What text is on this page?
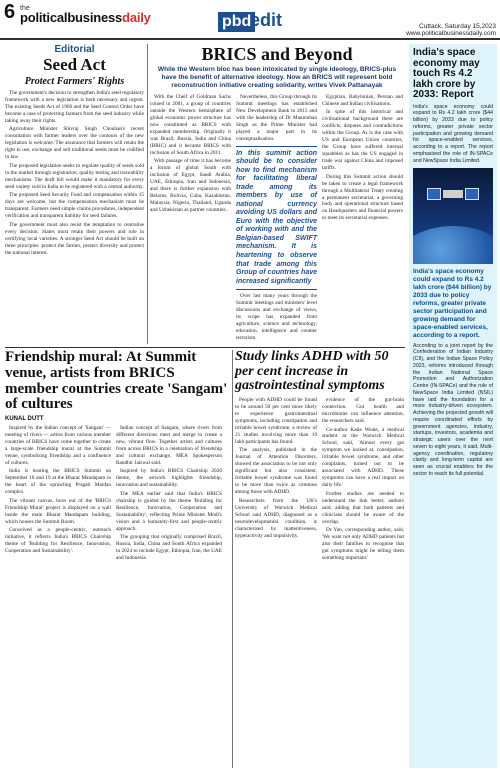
6 the
politicalbusinessdaily	pbd
edit	Cuttack, Saturday 15,2023
www.politicalbusinessdaily.com
Editorial
Seed Act
Protect Farmers' Rights

The government's decision to strengthen India's seed regulatory framework with a new legislation is both necessary and urgent. The existing Seeds Act of 1966 and the Seed Control Order have become a case of protecting farmers from the seed industry while taking away their rights.

Agriculture Minister Shivraj Singh Chouhan's recent consultation with farmer leaders over the contours of the new legislation is welcome. The assurance that farmers will retain the right to use, exchange and sell traditional seeds must be codified in law.

The proposed legislation seeks to regulate quality of seeds sold in the market through registration, quality testing and traceability mechanisms. The draft bill would make it mandatory for every seed variety sold in India to be registered with a central authority.

The proposed Seed Security Fund and compensation within 15 days are welcome, but the compensation mechanism must be transparent. Farmers need simple claims procedures, independent verification and transparent liability for seed failures.

The government must also resist the temptation to centralise every decision. States must retain their powers and role in certifying local varieties. A stronger Seed Act should be built on three principles: protect the farmer, protect diversity and protect the national interest.

BRICS and Beyond
While the Western bloc has been intoxicated by single ideology, BRICS-plus have the benefit of alternative ideology. Now an BRICS will represent bold reconstruction initiative creating solidarity, writes Vivek Pattanayak

With the Cheif of Goldman Sachs coined in 2001, a group of countries outside the Western hemisphere of global economic power structure has now constituted as BRICS with expanded membership. Originally it was Brazil, Russia, India and China (BRIC) and it became BRICS with inclusion of South Africa in 2011.

With passage of time it has become a forum of global South with inclusion of Egypt, Saudi Arabia, UAE, Ethiopia, Iran and Indonesia, and there is further expansion with Belarus, Bolivia, Cuba, Kazakhstan, Malaysia, Nigeria, Thailand, Uganda and Uzbekistan as partner countries.

Nevertheless, this Group through its Summit meetings has established New Development Bank in 2015 and with the leadership of Dr Manmohan Singh as the Prime Minister had played a major part in its conceptualisation.

In this summit action should be to consider how to find mechanism for facilitating liberal trade among its members by use of national currency avoiding US dollars and Euro with the objective of working with and the Belgian-based SWIFT mechanism. It is heartening to observe that trade among this Group of countries have increased significantly

Over last many years through the Summit meetings and ministers' level discussions and exchange of views, its scope has expanded from agriculture, science and technology, education, intelligence and counter terrorism.

Egyptian, Babylonian, Persian and Chinese and Indian civilisations.

In spite of this historical and civilisational background there are conflicts, disputes and contradictions within the Group. As is the case with US and European Union countries, the Group have suffered internal squabbles as has the US engaged in trade war against China and imposed tariffs.

During this Summit action should be taken to create a legal framework through a Multilateral Treaty creating a permanent secretariat, a governing body and operational structure based on Headquarters and financial powers to meet its secretarial expenses.

India's space economy may touch Rs 4.2 lakh crore by 2033: Report
India's space economy could expand to Rs 4.2 lakh crore ($44 billion) by 2033 due to policy reforms, greater private sector participation and growing demand for space-enabled services, according to a report. The report emphasised the role of IN-SPACe and NewSpace India Limited.
India's space economy could expand to Rs 4.2 lakh crore ($44 billion) by 2033 due to policy reforms, greater private sector participation and growing demand for space-enabled services, according to a report.
According to a joint report by the Confederation of Indian Industry (CII), and the Indian Space Policy 2023, reforms introduced through the Indian National Space Promotion and Authorization Centre (IN-SPACe) and the role of NewSpace India Limited (NSIL) have laid the foundation for a more industry-driven ecosystem. Achieving the projected growth will require coordinated efforts by government agencies, industry, startups, investors, academia and strategic users over the next seven to eight years, it said. Multi-agency coordination, regulatory clarity and long-term capital are seen as crucial enablers for the sector to reach its full potential.
Friendship mural: At Summit venue, artists from BRICS member countries create 'Sangam' of cultures
KUNAL DUTT

Inspired by the Indian concept of 'Sangam' — meeting of rivers — artists from various member countries of BRICS have come together to create a large-scale friendship mural at the Summit venue, symbolising friendship and a confluence of cultures.

India is hosting the BRICS Summit on September 18 and 19 at the Bharat Mandapam in the heart of the sprawling Pragati Maidan complex.

The vibrant canvas, born out of the 'BRICS Friendship Mural' project is displayed on a wall inside the main Bharat Mandapam building, which houses the Summit Room.

Conceived as a people-centric, outreach initiative, it reflects India's BRICS Chairship theme of 'Building for Resilience, Innovation, Cooperation and Sustainability'.

Indian concept of Sangam, where rivers from different directions meet and merge to create a new, vibrant flow. Together artists and cultures from across BRICS in a celebration of friendship and cultural exchange, MEA Spokesperson Randhir Jaiswal said.

Inspired by India's BRICS Chairship 2026 theme, the artwork highlights friendship, innovation and sustainability.

The MEA earlier said that India's BRICS chairship is guided by the theme 'Building for Resilience, Innovation, Cooperation and Sustainability', reflecting Prime Minister Modi's vision and a humanity-first and people-centric approach.

The grouping that originally comprised Brazil, Russia, India, China and South Africa expanded in 2024 to include Egypt, Ethiopia, Iran, the UAE and Indonesia.

Study links ADHD with 50 per cent increase in gastrointestinal symptoms

People with ADHD could be found to be around 50 per cent more likely to experience gastrointestinal symptoms, including constipation and irritable bowel syndrome, a review of 21 studies involving more than 19 lakh participants has found.

The analysis, published in the Journal of Attention Disorders, showed the association to be not only significant but also consistent. Irritable bowel syndrome was found to be more than twice as common among those with ADHD.

Researchers from the UK's University of Warwick Medical School said ADHD, diagnosed as a neurodevelopmental condition, is characterised by inattentiveness, hyperactivity and impulsivity.

evidence of the gut-brain connection. Gut health and microbiome can influence attention, the researchers said.

Co-author Katie Weale, a medical student at the Warwick Medical School, said, 'Almost every gut symptom we looked at, constipation, irritable bowel syndrome, and other complaints, turned out to be associated with ADHD. These symptoms can have a real impact on daily life.'

Further studies are needed to understand the link better, authors said, adding that both patients and clinicians should be aware of the overlap.

Dr Yan, corresponding author, said, 'We want not only ADHD patients but also their families to recognise that gut symptoms might be telling them something important.'
